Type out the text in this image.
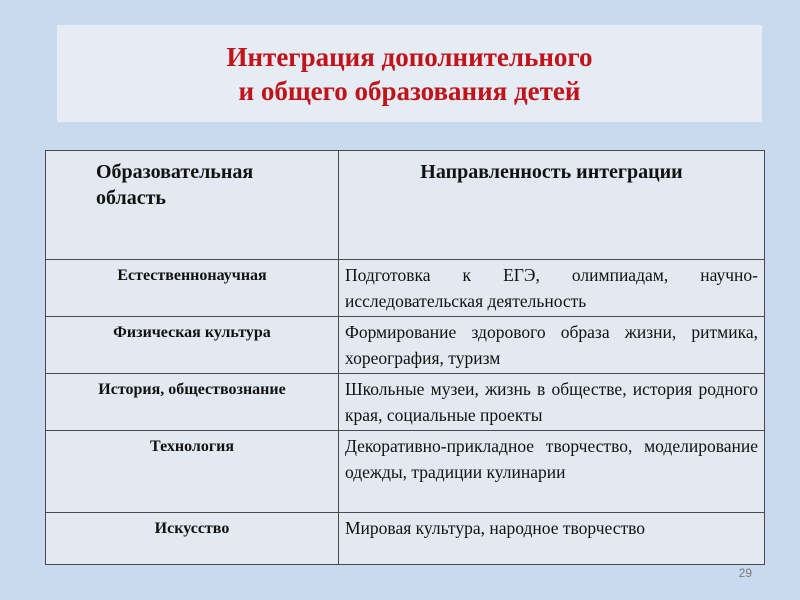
Интеграция дополнительного
и общего образования детей
Образовательная область	Направленность интеграции
Естественнонаучная	Подготовка к ЕГЭ, олимпиадам, научно-исследовательская деятельность
Физическая культура	Формирование здорового образа жизни, ритмика, хореография, туризм
История, обществознание	Школьные музеи, жизнь в обществе, история родного края, социальные проекты
Технология	Декоративно-прикладное творчество, моделирование одежды, традиции кулинарии
Искусство	Мировая культура, народное творчество
29
